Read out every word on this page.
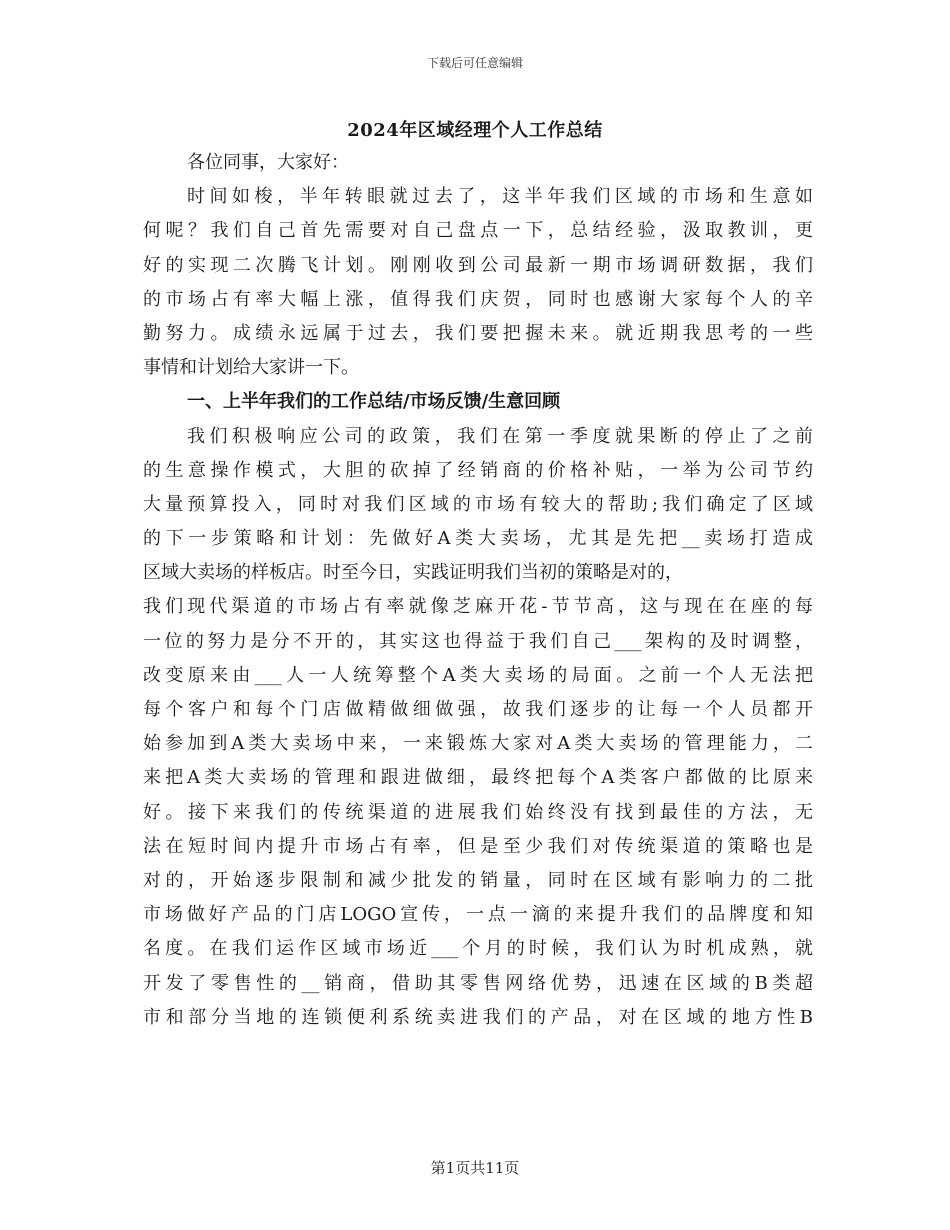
下载后可任意编辑
2024年区域经理个人工作总结
各位同事，大家好：
时间如梭，半年转眼就过去了，这半年我们区域的市场和生意如
何呢？我们自己首先需要对自己盘点一下，总结经验，汲取教训，更
好的实现二次腾飞计划。刚刚收到公司最新一期市场调研数据，我们
的市场占有率大幅上涨，值得我们庆贺，同时也感谢大家每个人的辛
勤努力。成绩永远属于过去，我们要把握未来。就近期我思考的一些
事情和计划给大家讲一下。
一、上半年我们的工作总结/市场反馈/生意回顾
我们积极响应公司的政策，我们在第一季度就果断的停止了之前
的生意操作模式，大胆的砍掉了经销商的价格补贴，一举为公司节约
大量预算投入，同时对我们区域的市场有较大的帮助;我们确定了区域
的下一步策略和计划：先做好A类大卖场，尤其是先把__卖场打造成
区域大卖场的样板店。时至今日，实践证明我们当初的策略是对的，
我们现代渠道的市场占有率就像芝麻开花-节节高，这与现在在座的每
一位的努力是分不开的，其实这也得益于我们自己___架构的及时调整，
改变原来由___人一人统筹整个A类大卖场的局面。之前一个人无法把
每个客户和每个门店做精做细做强，故我们逐步的让每一个人员都开
始参加到A类大卖场中来，一来锻炼大家对A类大卖场的管理能力，二
来把A类大卖场的管理和跟进做细，最终把每个A类客户都做的比原来
好。接下来我们的传统渠道的进展我们始终没有找到最佳的方法，无
法在短时间内提升市场占有率，但是至少我们对传统渠道的策略也是
对的，开始逐步限制和减少批发的销量，同时在区域有影响力的二批
市场做好产品的门店LOGO宣传，一点一滴的来提升我们的品牌度和知
名度。在我们运作区域市场近___个月的时候，我们认为时机成熟，就
开发了零售性的__销商，借助其零售网络优势，迅速在区域的B类超
市和部分当地的连锁便利系统卖进我们的产品，对在区域的地方性B
第1页共11页
